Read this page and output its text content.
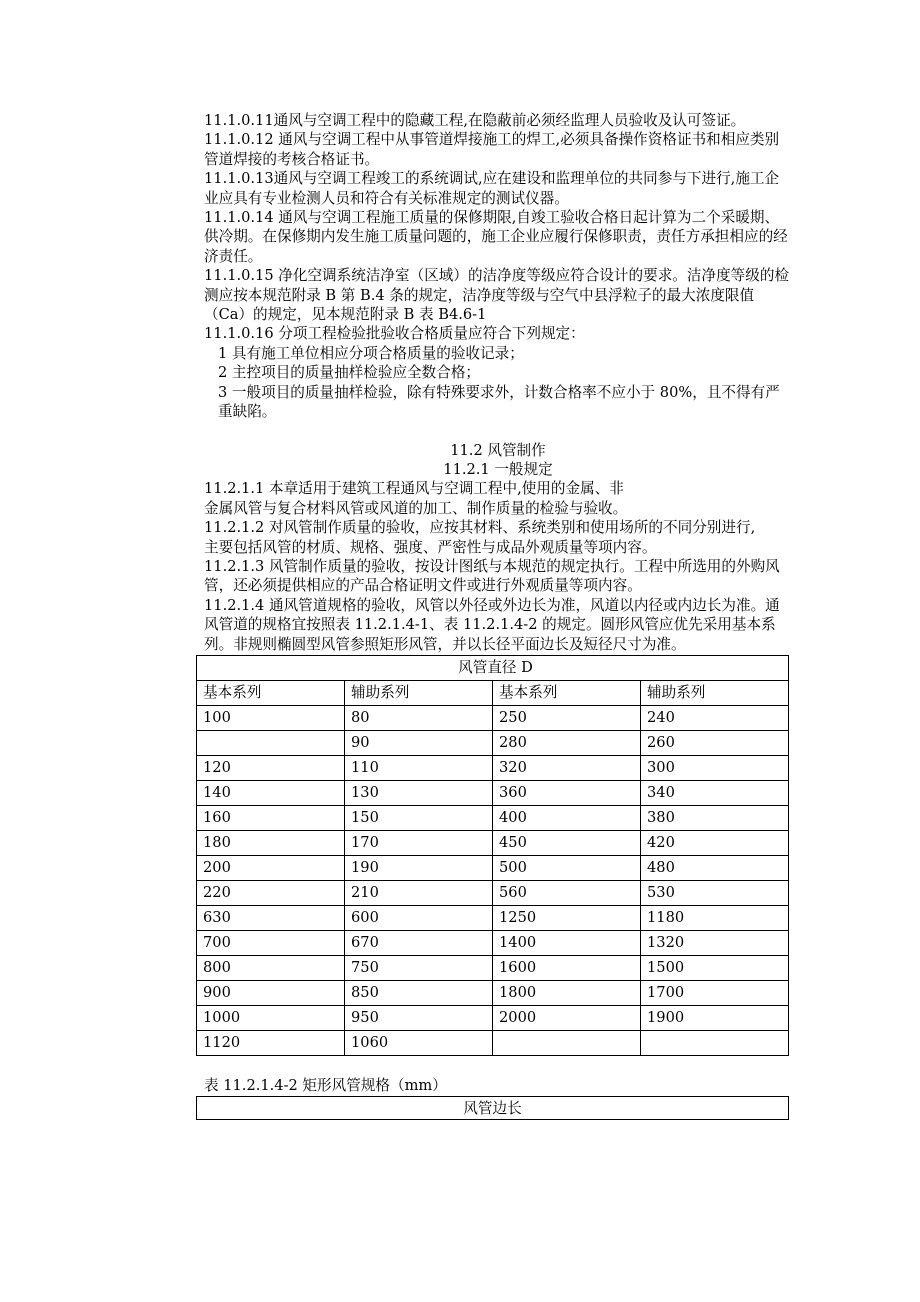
11.1.0.11通风与空调工程中的隐藏工程,在隐蔽前必须经监理人员验收及认可签证。

11.1.0.12 通风与空调工程中从事管道焊接施工的焊工,必须具备操作资格证书和相应类别管道焊接的考核合格证书。

11.1.0.13通风与空调工程竣工的系统调试,应在建设和监理单位的共同参与下进行,施工企业应具有专业检测人员和符合有关标准规定的测试仪器。

11.1.0.14 通风与空调工程施工质量的保修期限,自竣工验收合格日起计算为二个采暖期、供冷期。在保修期内发生施工质量问题的，施工企业应履行保修职责，责任方承担相应的经济责任。

11.1.0.15 净化空调系统洁净室（区域）的洁净度等级应符合设计的要求。洁净度等级的检测应按本规范附录 B 第 B.4 条的规定，洁净度等级与空气中县浮粒子的最大浓度限值（Ca）的规定，见本规范附录 B 表 B4.6-1

11.1.0.16 分项工程检验批验收合格质量应符合下列规定：

1 具有施工单位相应分项合格质量的验收记录；

2 主控项目的质量抽样检验应全数合格；

3 一般项目的质量抽样检验，除有特殊要求外，计数合格率不应小于 80%，且不得有严重缺陷。

11.2 风管制作

11.2.1 一般规定

11.2.1.1 本章适用于建筑工程通风与空调工程中,使用的金属、非

金属风管与复合材料风管或风道的加工、制作质量的检验与验收。

11.2.1.2 对风管制作质量的验收，应按其材料、系统类别和使用场所的不同分别进行,

主要包括风管的材质、规格、强度、严密性与成品外观质量等项内容。

11.2.1.3 风管制作质量的验收，按设计图纸与本规范的规定执行。工程中所选用的外购风管，还必须提供相应的产品合格证明文件或进行外观质量等项内容。

11.2.1.4 通风管道规格的验收，风管以外径或外边长为准，风道以内径或内边长为准。通风管道的规格宜按照表 11.2.1.4-1、表 11.2.1.4-2 的规定。圆形风管应优先采用基本系列。非规则椭圆型风管参照矩形风管，并以长径平面边长及短径尺寸为准。

风管直径 D			
基本系列	辅助系列	基本系列	辅助系列
100	80	250	240
	90	280	260
120	110	320	300
140	130	360	340
160	150	400	380
180	170	450	420
200	190	500	480
220	210	560	530
630	600	1250	1180
700	670	1400	1320
800	750	1600	1500
900	850	1800	1700
1000	950	2000	1900
1120	1060		

表 11.2.1.4-2 矩形风管规格（mm）

风管边长
